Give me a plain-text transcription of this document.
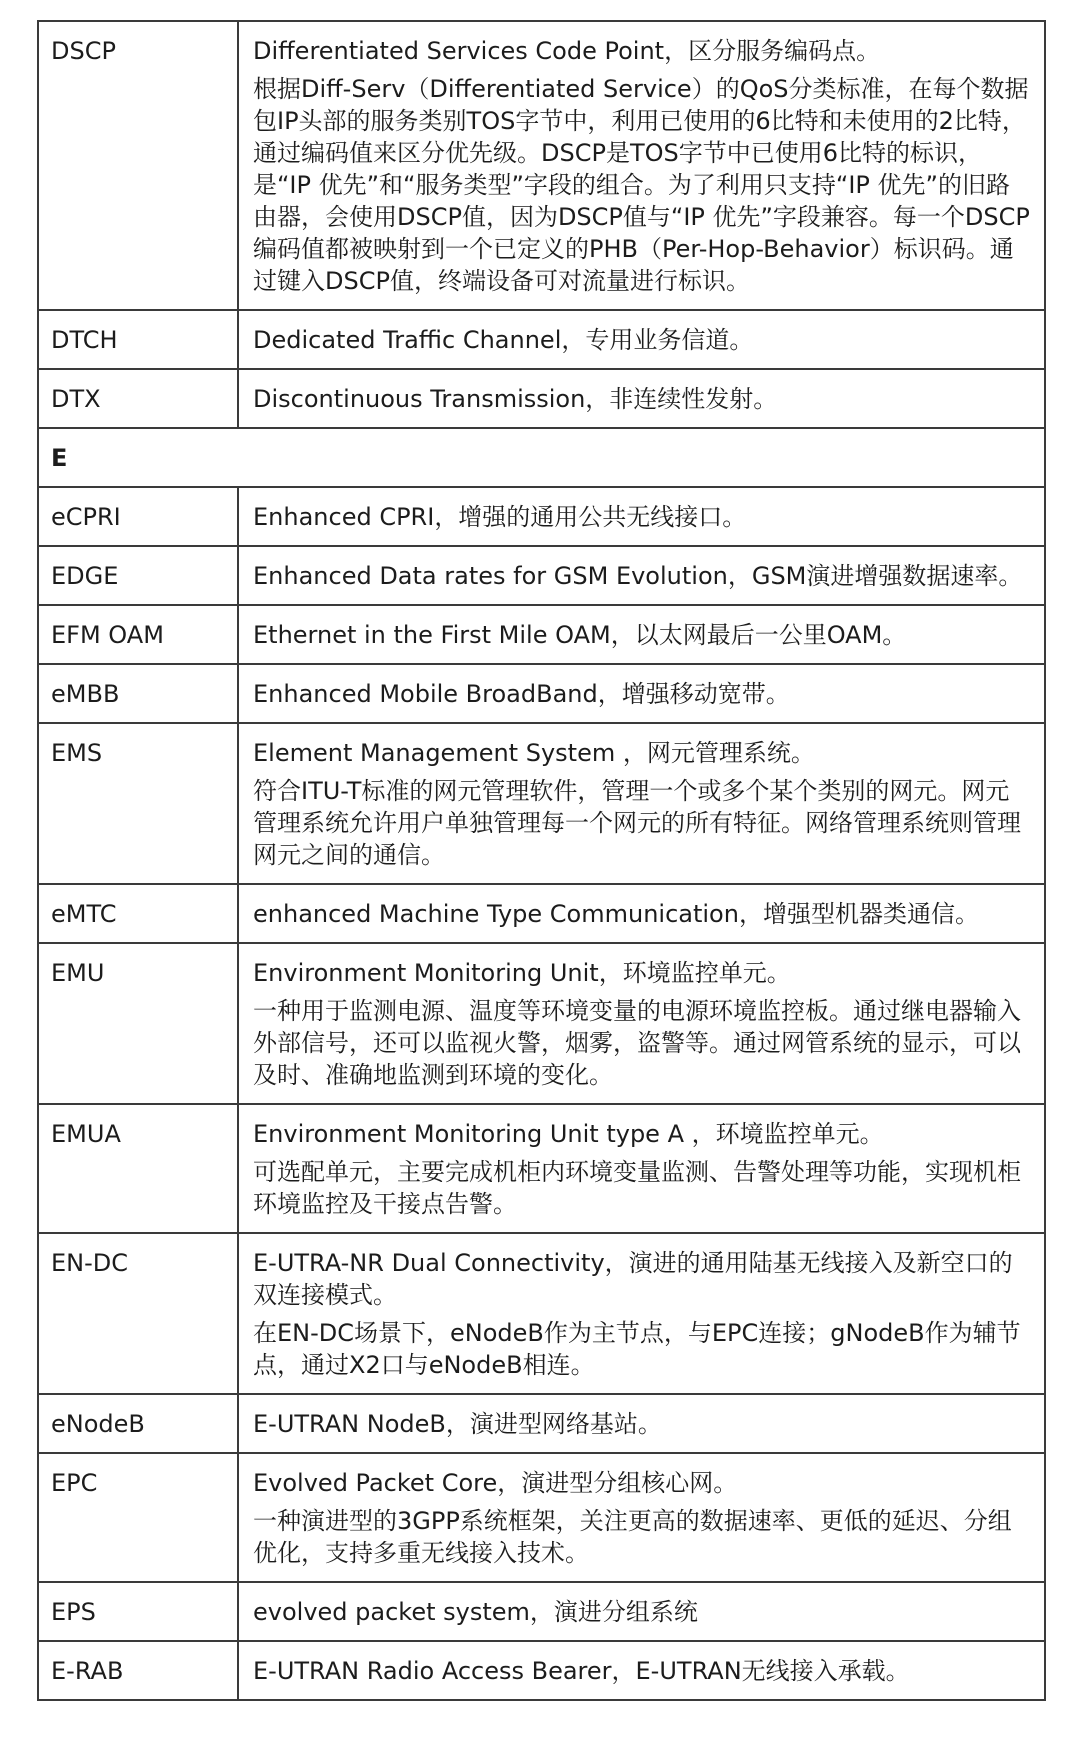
DSCP	Differentiated Services Code Point，区分服务编码点。
根据Diff-Serv（Differentiated Service）的QoS分类标准，在每个数据包IP头部的服务类别TOS字节中，利用已使用的6比特和未使用的2比特，通过编码值来区分优先级。DSCP是TOS字节中已使用6比特的标识，是“IP 优先”和“服务类型”字段的组合。为了利用只支持“IP 优先”的旧路由器，会使用DSCP值，因为DSCP值与“IP 优先”字段兼容。每一个DSCP编码值都被映射到一个已定义的PHB（Per-Hop-Behavior）标识码。通过键入DSCP值，终端设备可对流量进行标识。

DTCH	Dedicated Traffic Channel，专用业务信道。

DTX	Discontinuous Transmission，非连续性发射。

E	
eCPRI	Enhanced CPRI，增强的通用公共无线接口。

EDGE	Enhanced Data rates for GSM Evolution，GSM演进增强数据速率。

EFM OAM	Ethernet in the First Mile OAM，以太网最后一公里OAM。

eMBB	Enhanced Mobile BroadBand，增强移动宽带。

EMS	Element Management System ，网元管理系统。
符合ITU-T标准的网元管理软件，管理一个或多个某个类别的网元。网元管理系统允许用户单独管理每一个网元的所有特征。网络管理系统则管理网元之间的通信。

eMTC	enhanced Machine Type Communication，增强型机器类通信。

EMU	Environment Monitoring Unit，环境监控单元。
一种用于监测电源、温度等环境变量的电源环境监控板。通过继电器输入外部信号，还可以监视火警，烟雾，盗警等。通过网管系统的显示，可以及时、准确地监测到环境的变化。

EMUA	Environment Monitoring Unit type A ，环境监控单元。
可选配单元，主要完成机柜内环境变量监测、告警处理等功能，实现机柜环境监控及干接点告警。

EN-DC	E-UTRA-NR Dual Connectivity，演进的通用陆基无线接入及新空口的双连接模式。
在EN-DC场景下，eNodeB作为主节点，与EPC连接；gNodeB作为辅节点，通过X2口与eNodeB相连。

eNodeB	E-UTRAN NodeB，演进型网络基站。

EPC	Evolved Packet Core，演进型分组核心网。
一种演进型的3GPP系统框架，关注更高的数据速率、更低的延迟、分组优化，支持多重无线接入技术。

EPS	evolved packet system，演进分组系统

E-RAB	E-UTRAN Radio Access Bearer，E-UTRAN无线接入承载。
